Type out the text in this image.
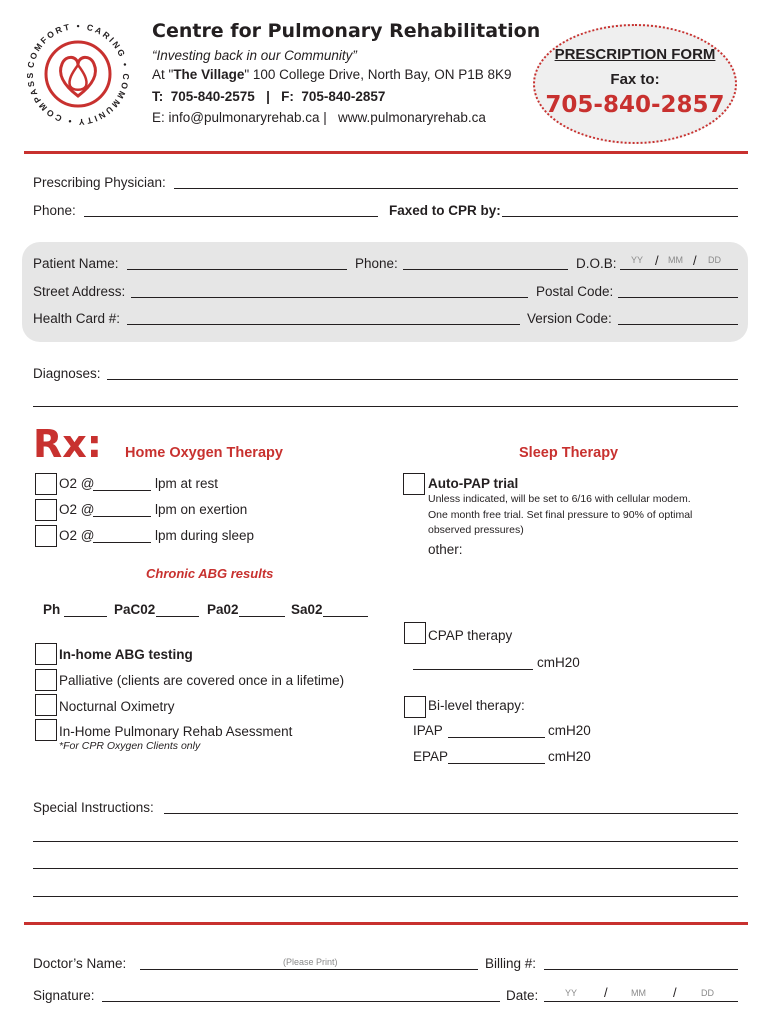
COMFORT • CARING • COMMUNITY • COMPASS
Centre for Pulmonary Rehabilitation
“Investing back in our Community”
At "The Village" 100 College Drive, North Bay, ON P1B 8K9
T:  705-840-2575   |   F:  705-840-2857
E: info@pulmonaryrehab.ca |   www.pulmonaryrehab.ca
PRESCRIPTION FORM
Fax to:
705-840-2857
Prescribing Physician:
Phone:	Faxed to CPR by:
Patient Name:	Phone:	D.O.B: YY / MM / DD
Street Address:	Postal Code:
Health Card #:	Version Code:
Diagnoses:
Rx: Home Oxygen Therapy	Sleep Therapy
O2 @	lpm at rest
O2 @	lpm on exertion
O2 @	lpm during sleep
Auto-PAP trial
Unless indicated, will be set to 6/16 with cellular modem.
One month free trial. Set final pressure to 90% of optimal
observed pressures)
other:
Chronic ABG results
Ph	PaC02	Pa02	Sa02
CPAP therapy
cmH20
In-home ABG testing
Palliative (clients are covered once in a lifetime)
Nocturnal Oximetry
In-Home Pulmonary Rehab Asessment
*For CPR Oxygen Clients only
Bi-level therapy:
IPAP	cmH20
EPAP	cmH20
Special Instructions:
Doctor’s Name:	(Please Print)	Billing #:
Signature:	Date:	YY /	MM /	DD
